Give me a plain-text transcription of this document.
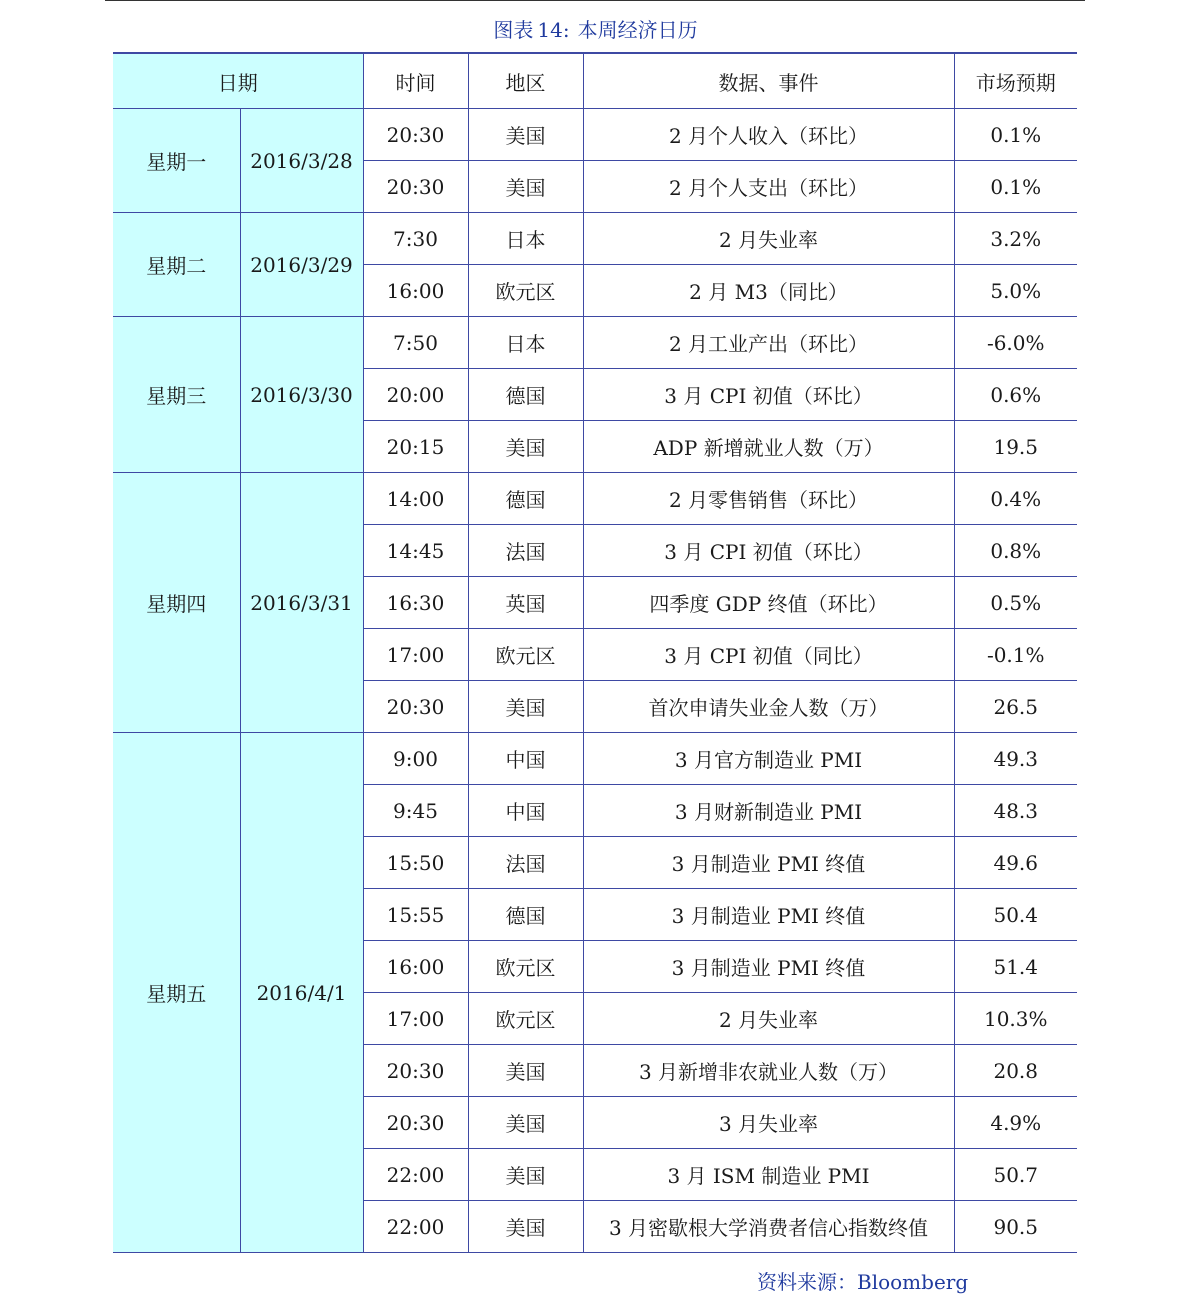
图表 14: 本周经济日历
日期		时间	地区	数据、事件	市场预期
星期一	2016/3/28	20:30	美国	2 月个人收入（环比）	0.1%
		20:30	美国	2 月个人支出（环比）	0.1%
星期二	2016/3/29	7:30	日本	2 月失业率	3.2%
		16:00	欧元区	2 月 M3（同比）	5.0%
星期三	2016/3/30	7:50	日本	2 月工业产出（环比）	-6.0%
		20:00	德国	3 月 CPI 初值（环比）	0.6%
		20:15	美国	ADP 新增就业人数（万）	19.5
星期四	2016/3/31	14:00	德国	2 月零售销售（环比）	0.4%
		14:45	法国	3 月 CPI 初值（环比）	0.8%
		16:30	英国	四季度 GDP 终值（环比）	0.5%
		17:00	欧元区	3 月 CPI 初值（同比）	-0.1%
		20:30	美国	首次申请失业金人数（万）	26.5
星期五	2016/4/1	9:00	中国	3 月官方制造业 PMI	49.3
		9:45	中国	3 月财新制造业 PMI	48.3
		15:50	法国	3 月制造业 PMI 终值	49.6
		15:55	德国	3 月制造业 PMI 终值	50.4
		16:00	欧元区	3 月制造业 PMI 终值	51.4
		17:00	欧元区	2 月失业率	10.3%
		20:30	美国	3 月新增非农就业人数（万）	20.8
		20:30	美国	3 月失业率	4.9%
		22:00	美国	3 月 ISM 制造业 PMI	50.7
		22:00	美国	3 月密歇根大学消费者信心指数终值	90.5
资料来源：Bloomberg
